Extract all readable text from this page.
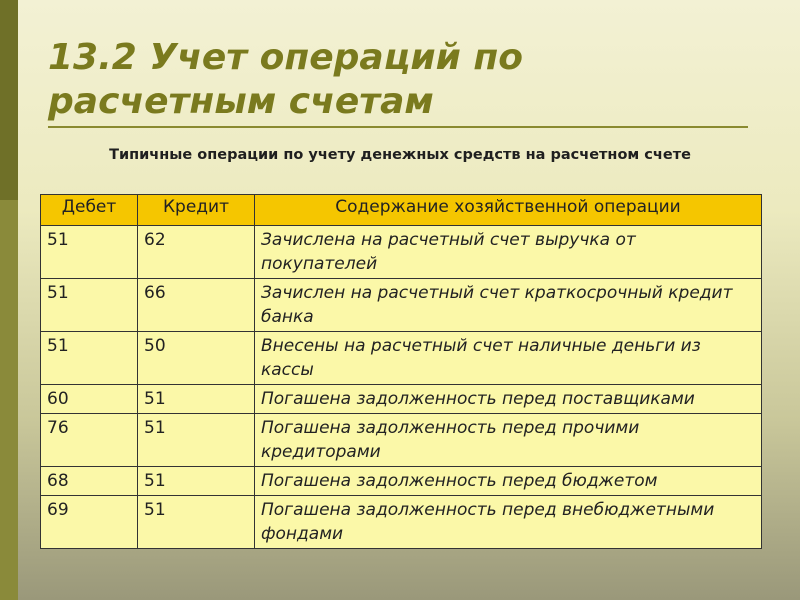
13.2 Учет операций по расчетным счетам
Типичные операции по учету денежных средств на расчетном счете
Дебет	Кредит	Содержание хозяйственной операции
51	62	Зачислена на расчетный счет выручка от покупателей
51	66	Зачислен на расчетный счет краткосрочный кредит банка
51	50	Внесены на расчетный счет наличные деньги из кассы
60	51	Погашена задолженность перед поставщиками
76	51	Погашена задолженность перед прочими кредиторами
68	51	Погашена задолженность перед бюджетом
69	51	Погашена задолженность перед внебюджетными фондами
